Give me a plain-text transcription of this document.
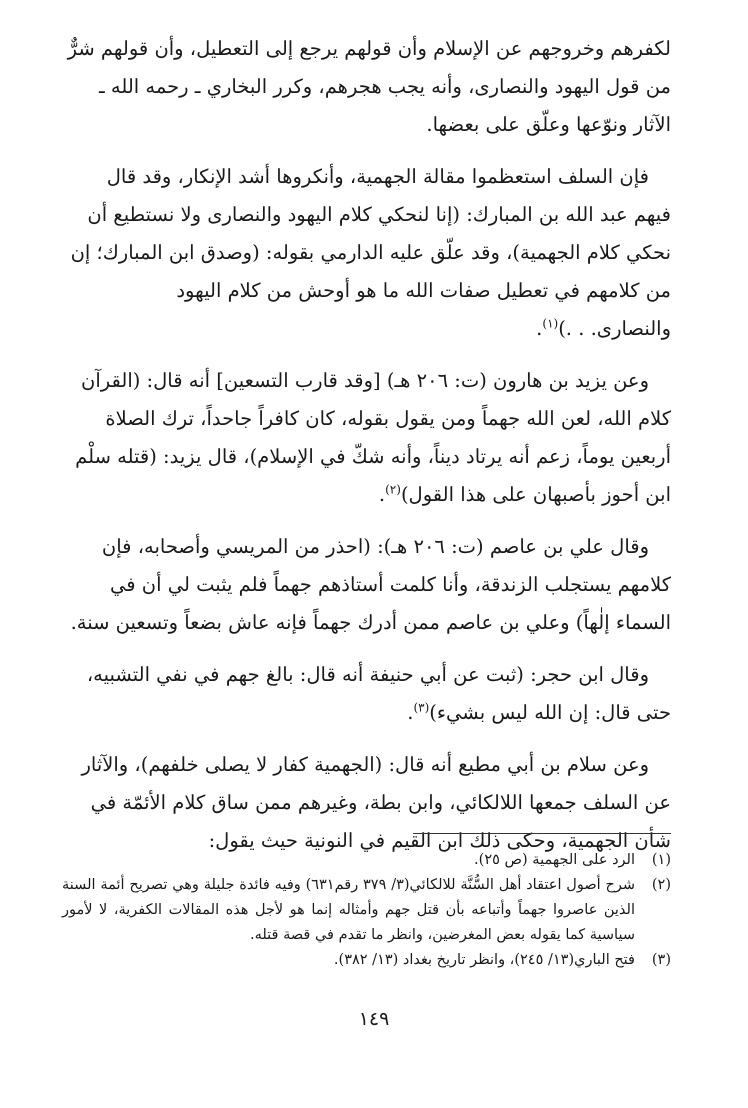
لكفرهم وخروجهم عن الإسلام وأن قولهم يرجع إلى التعطيل، وأن قولهم شرٌّ
من قول اليهود والنصارى، وأنه يجب هجرهم، وكرر البخاري ـ رحمه الله ـ
الآثار ونوّعها وعلّق على بعضها.

فإن السلف استعظموا مقالة الجهمية، وأنكروها أشد الإنكار، وقد قال
فيهم عبد الله بن المبارك: (إنا لنحكي كلام اليهود والنصارى ولا نستطيع أن
نحكي كلام الجهمية)، وقد علّق عليه الدارمي بقوله: (وصدق ابن المبارك؛ إن
من كلامهم في تعطيل صفات الله ما هو أوحش من كلام اليهود
والنصارى. . .)$^{(١)}$.

وعن يزيد بن هارون (ت: ٢٠٦ هـ) [وقد قارب التسعين] أنه قال: (القرآن
كلام الله، لعن الله جهماً ومن يقول بقوله، كان كافراً جاحداً، ترك الصلاة
أربعين يوماً، زعم أنه يرتاد ديناً، وأنه شكّ في الإسلام)، قال يزيد: (قتله سلْم
ابن أحوز بأصبهان على هذا القول)$^{(٢)}$.

وقال علي بن عاصم (ت: ٢٠٦ هـ): (احذر من المريسي وأصحابه، فإن
كلامهم يستجلب الزندقة، وأنا كلمت أستاذهم جهماً فلم يثبت لي أن في
السماء إلٰهاً) وعلي بن عاصم ممن أدرك جهماً فإنه عاش بضعاً وتسعين سنة.

وقال ابن حجر: (ثبت عن أبي حنيفة أنه قال: بالغ جهم في نفي التشبيه،
حتى قال: إن الله ليس بشيء)$^{(٣)}$.

وعن سلام بن أبي مطيع أنه قال: (الجهمية كفار لا يصلى خلفهم)، والآثار
عن السلف جمعها اللالكائي، وابن بطة، وغيرهم ممن ساق كلام الأئمّة في
شأن الجهمية، وحكى ذلك ابن القيم في النونية حيث يقول:

(١)
الرد على الجهمية (ص ٢٥).
(٢)
شرح أصول اعتقاد أهل السُّنَّة للالكائي(٣/ ٣٧٩ رقم٦٣١) وفيه فائدة جليلة وهي تصريح أئمة السنة الذين عاصروا جهماً وأتباعه بأن قتل جهم وأمثاله إنما هو لأجل هذه المقالات الكفرية، لا لأمور سياسية كما يقوله بعض المغرضين، وانظر ما تقدم في قصة قتله.
(٣)
فتح الباري(١٣/ ٢٤٥)، وانظر تاريخ بغداد (١٣/ ٣٨٢).
١٤٩
